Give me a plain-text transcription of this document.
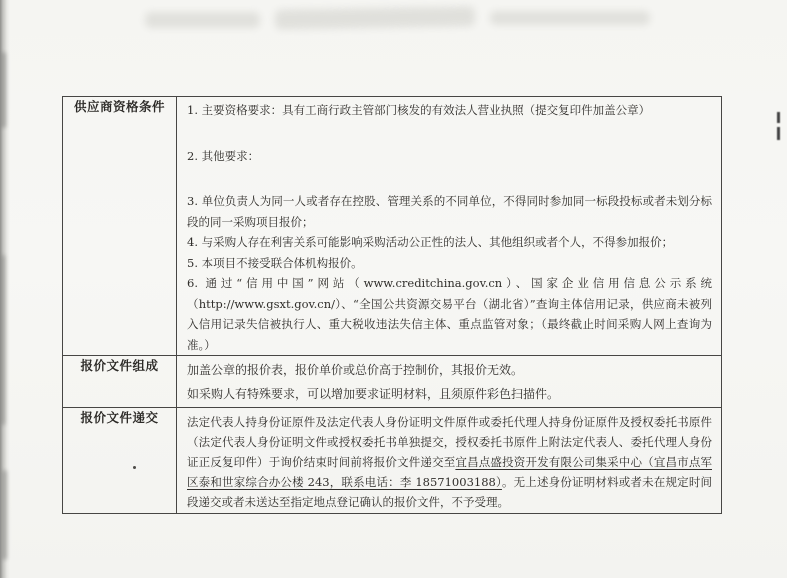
供应商资格条件	1. 主要资格要求：具有工商行政主管部门核发的有效法人营业执照（提交复印件加盖公章）

2. 其他要求：

3. 单位负责人为同一人或者存在控股、管理关系的不同单位，不得同时参加同一标段投标或者未划分标段的同一采购项目报价；

4. 与采购人存在利害关系可能影响采购活动公正性的法人、其他组织或者个人，不得参加报价；

5. 本项目不接受联合体机构报价。

6. 通过“信用中国”网站（www.creditchina.gov.cn）、国家企业信用信息公示系统（http://www.gsxt.gov.cn/）、“全国公共资源交易平台（湖北省）”查询主体信用记录，供应商未被列入信用记录失信被执行人、重大税收违法失信主体、重点监管对象；（最终截止时间采购人网上查询为准。）

报价文件组成	加盖公章的报价表，报价单价或总价高于控制价，其报价无效。

如采购人有特殊要求，可以增加要求证明材料，且须原件彩色扫描件。

报价文件递交	法定代表人持身份证原件及法定代表人身份证明文件原件或委托代理人持身份证原件及授权委托书原件（法定代表人身份证明文件或授权委托书单独提交，授权委托书原件上附法定代表人、委托代理人身份证正反复印件）于询价结束时间前将报价文件递交至宜昌点盛投资开发有限公司集采中心（宜昌市点军区泰和世家综合办公楼 243，联系电话：李 18571003188）。无上述身份证明材料或者未在规定时间段递交或者未送达至指定地点登记确认的报价文件，不予受理。
